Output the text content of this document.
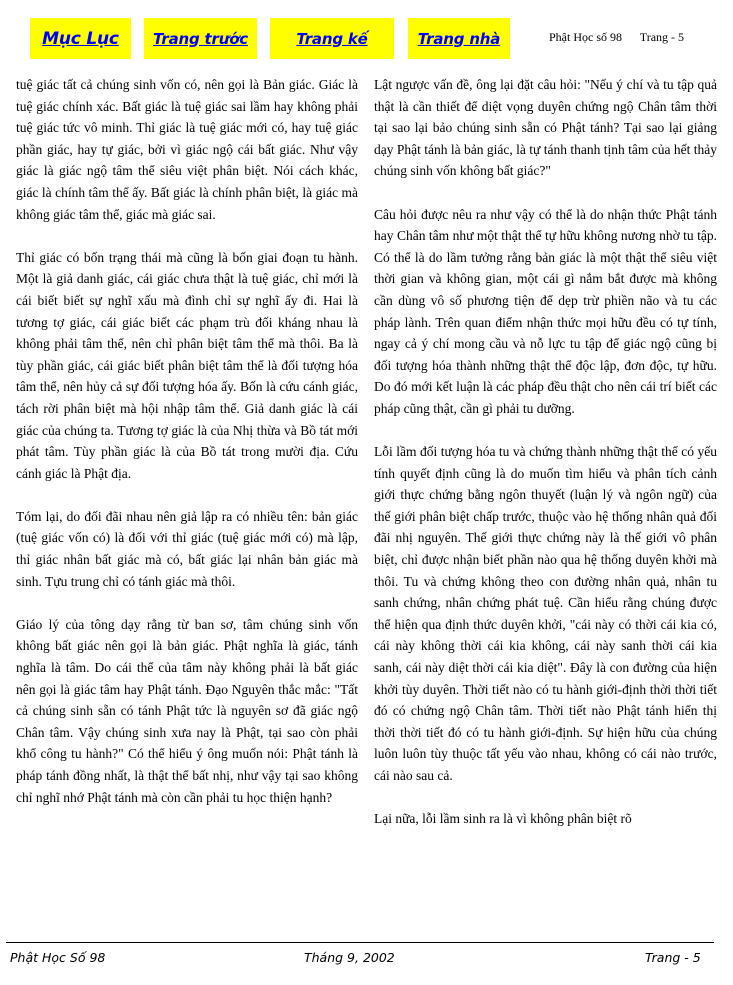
Mục Lục	Trang trước	Trang kế	Trang nhà	Phật Học số 98 Trang - 5

tuệ giác tất cả chúng sinh vốn có, nên gọi là Bản giác. Giác là tuệ giác chính xác. Bất giác là tuệ giác sai lầm hay không phải tuệ giác tức vô minh. Thỉ giác là tuệ giác mới có, hay tuệ giác phần giác, hay tự giác, bởi vì giác ngộ cái bất giác. Như vậy giác là giác ngộ tâm thể siêu việt phân biệt. Nói cách khác, giác là chính tâm thể ấy. Bất giác là chính phân biệt, là giác mà không giác tâm thể, giác mà giác sai.

Thỉ giác có bốn trạng thái mà cũng là bốn giai đoạn tu hành. Một là giả danh giác, cái giác chưa thật là tuệ giác, chỉ mới là cái biết biết sự nghĩ xấu mà đình chỉ sự nghĩ ấy đi. Hai là tương tợ giác, cái giác biết các phạm trù đối kháng nhau là không phải tâm thể, nên chỉ phân biệt tâm thể mà thôi. Ba là tùy phần giác, cái giác biết phân biệt tâm thể là đối tượng hóa tâm thể, nên hủy cả sự đối tượng hóa ấy. Bốn là cứu cánh giác, tách rời phân biệt mà hội nhập tâm thể. Giả danh giác là cái giác của chúng ta. Tương tợ giác là của Nhị thừa và Bồ tát mới phát tâm. Tùy phần giác là của Bồ tát trong mười địa. Cứu cánh giác là Phật địa.

Tóm lại, do đối đãi nhau nên giả lập ra có nhiều tên: bản giác (tuệ giác vốn có) là đối với thỉ giác (tuệ giác mới có) mà lập, thỉ giác nhân bất giác mà có, bất giác lại nhân bản giác mà sinh. Tựu trung chỉ có tánh giác mà thôi.

Giáo lý của tông dạy rằng từ ban sơ, tâm chúng sinh vốn không bất giác nên gọi là bản giác. Phật nghĩa là giác, tánh nghĩa là tâm. Do cái thể của tâm này không phải là bất giác nên gọi là giác tâm hay Phật tánh. Đạo Nguyên thắc mắc: "Tất cả chúng sinh sẵn có tánh Phật tức là nguyên sơ đã giác ngộ Chân tâm. Vậy chúng sinh xưa nay là Phật, tại sao còn phải khổ công tu hành?" Có thể hiểu ý ông muốn nói: Phật tánh là pháp tánh đồng nhất, là thật thể bất nhị, như vậy tại sao không chỉ nghĩ nhớ Phật tánh mà còn cần phải tu học thiện hạnh?

Lật ngược vấn đề, ông lại đặt câu hỏi: "Nếu ý chí và tu tập quả thật là cần thiết để diệt vọng duyên chứng ngộ Chân tâm thời tại sao lại bảo chúng sinh sẵn có Phật tánh? Tại sao lại giảng dạy Phật tánh là bản giác, là tự tánh thanh tịnh tâm của hết thảy chúng sinh vốn không bất giác?"

Câu hỏi được nêu ra như vậy có thể là do nhận thức Phật tánh hay Chân tâm như một thật thể tự hữu không nương nhờ tu tập. Có thể là do lầm tưởng rằng bản giác là một thật thể siêu việt thời gian và không gian, một cái gì nắm bắt được mà không cần dùng vô số phương tiện để dẹp trừ phiền não và tu các pháp lành. Trên quan điểm nhận thức mọi hữu đều có tự tính, ngay cả ý chí mong cầu và nỗ lực tu tập để giác ngộ cũng bị đối tượng hóa thành những thật thể độc lập, đơn độc, tự hữu. Do đó mới kết luận là các pháp đều thật cho nên cái trí biết các pháp cũng thật, cần gì phải tu dưỡng.

Lỗi lầm đối tượng hóa tu và chứng thành những thật thể có yếu tính quyết định cũng là do muốn tìm hiểu và phân tích cảnh giới thực chứng bằng ngôn thuyết (luận lý và ngôn ngữ) của thế giới phân biệt chấp trước, thuộc vào hệ thống nhân quả đối đãi nhị nguyên. Thế giới thực chứng này là thế giới vô phân biệt, chỉ được nhận biết phần nào qua hệ thống duyên khởi mà thôi. Tu và chứng không theo con đường nhân quả, nhân tu sanh chứng, nhân chứng phát tuệ. Cần hiểu rằng chúng được thể hiện qua định thức duyên khởi, "cái này có thời cái kia có, cái này không thời cái kia không, cái này sanh thời cái kia sanh, cái này diệt thời cái kia diệt". Đây là con đường của hiện khởi tùy duyên. Thời tiết nào có tu hành giới-định thời thời tiết đó có chứng ngộ Chân tâm. Thời tiết nào Phật tánh hiển thị thời thời tiết đó có tu hành giới-định. Sự hiện hữu của chúng luôn luôn tùy thuộc tất yếu vào nhau, không có cái nào trước, cái nào sau cả.

Lại nữa, lỗi lầm sinh ra là vì không phân biệt rõ

Phật Học Số 98	Tháng 9, 2002	Trang - 5
